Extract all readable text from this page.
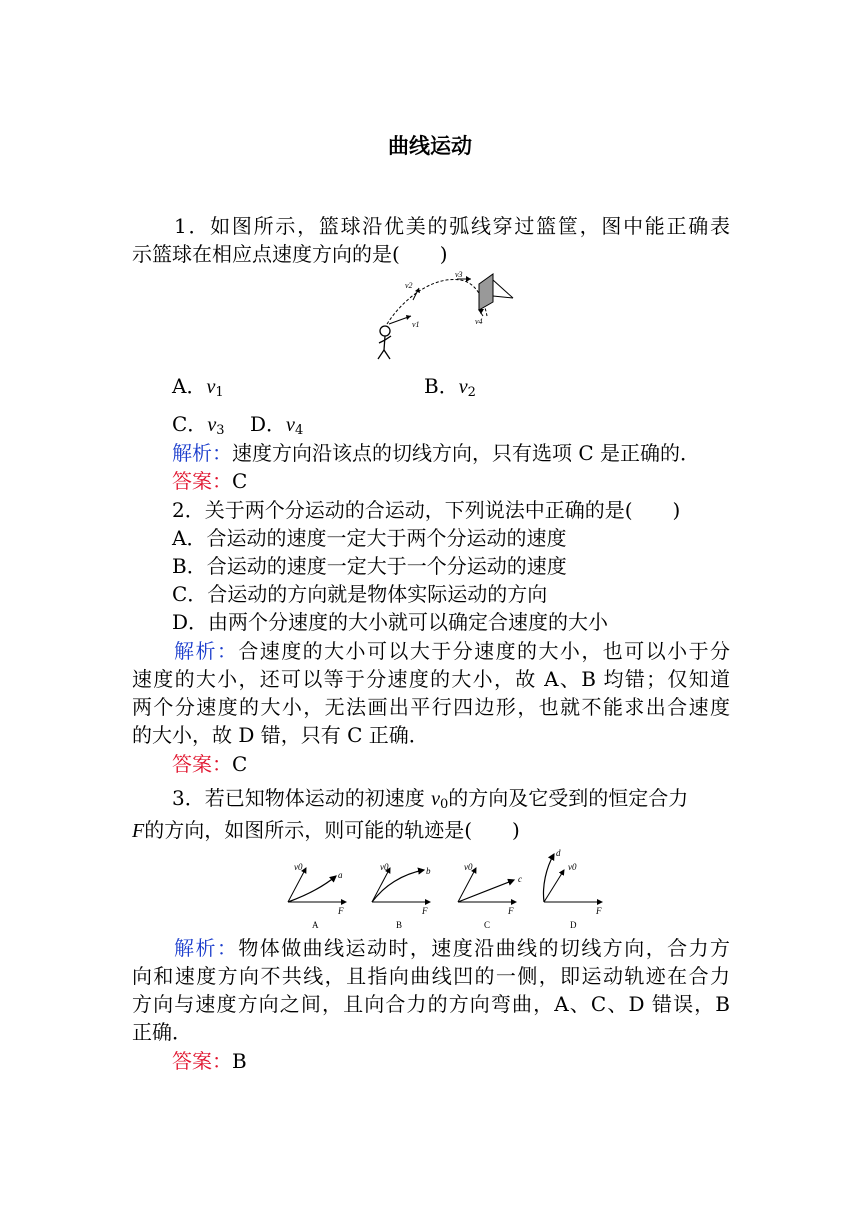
曲线运动
1．如图所示，篮球沿优美的弧线穿过篮筐，图中能正确表
示篮球在相应点速度方向的是(　　)
v1
v2
v3
v4
A．$v_1$	B．$v_2$
C．$v_3$ D．$v_4$
解析：速度方向沿该点的切线方向，只有选项 C 是正确的．
答案：C
2．关于两个分运动的合运动，下列说法中正确的是(　　)
A．合运动的速度一定大于两个分运动的速度
B．合运动的速度一定大于一个分运动的速度
C．合运动的方向就是物体实际运动的方向
D．由两个分速度的大小就可以确定合速度的大小
解析：合速度的大小可以大于分速度的大小，也可以小于分
速度的大小，还可以等于分速度的大小，故 A、B 均错；仅知道
两个分速度的大小，无法画出平行四边形，也就不能求出合速度
的大小，故 D 错，只有 C 正确．
答案：C
3．若已知物体运动的初速度 $v_0$的方向及它受到的恒定合力
F的方向，如图所示，则可能的轨迹是(　　)
v0
a
F
A
v0	b
F
B
v0
c
F
C
v0
d
F
D
解析：物体做曲线运动时，速度沿曲线的切线方向，合力方
向和速度方向不共线，且指向曲线凹的一侧，即运动轨迹在合力
方向与速度方向之间，且向合力的方向弯曲，A、C、D 错误，B
正确．
答案：B
